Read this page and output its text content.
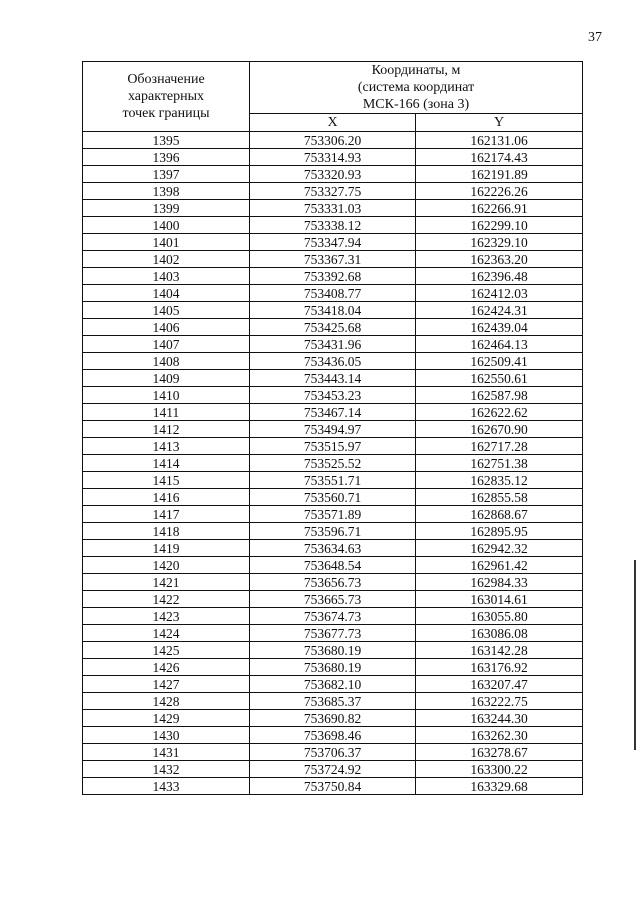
37
Обозначение
характерных
точек границы	Координаты, м
(система координат
МСК-166 (зона 3)	

	X	Y
1395	753306.20	162131.06
1396	753314.93	162174.43
1397	753320.93	162191.89
1398	753327.75	162226.26
1399	753331.03	162266.91
1400	753338.12	162299.10
1401	753347.94	162329.10
1402	753367.31	162363.20
1403	753392.68	162396.48
1404	753408.77	162412.03
1405	753418.04	162424.31
1406	753425.68	162439.04
1407	753431.96	162464.13
1408	753436.05	162509.41
1409	753443.14	162550.61
1410	753453.23	162587.98
1411	753467.14	162622.62
1412	753494.97	162670.90
1413	753515.97	162717.28
1414	753525.52	162751.38
1415	753551.71	162835.12
1416	753560.71	162855.58
1417	753571.89	162868.67
1418	753596.71	162895.95
1419	753634.63	162942.32
1420	753648.54	162961.42
1421	753656.73	162984.33
1422	753665.73	163014.61
1423	753674.73	163055.80
1424	753677.73	163086.08
1425	753680.19	163142.28
1426	753680.19	163176.92
1427	753682.10	163207.47
1428	753685.37	163222.75
1429	753690.82	163244.30
1430	753698.46	163262.30
1431	753706.37	163278.67
1432	753724.92	163300.22
1433	753750.84	163329.68
